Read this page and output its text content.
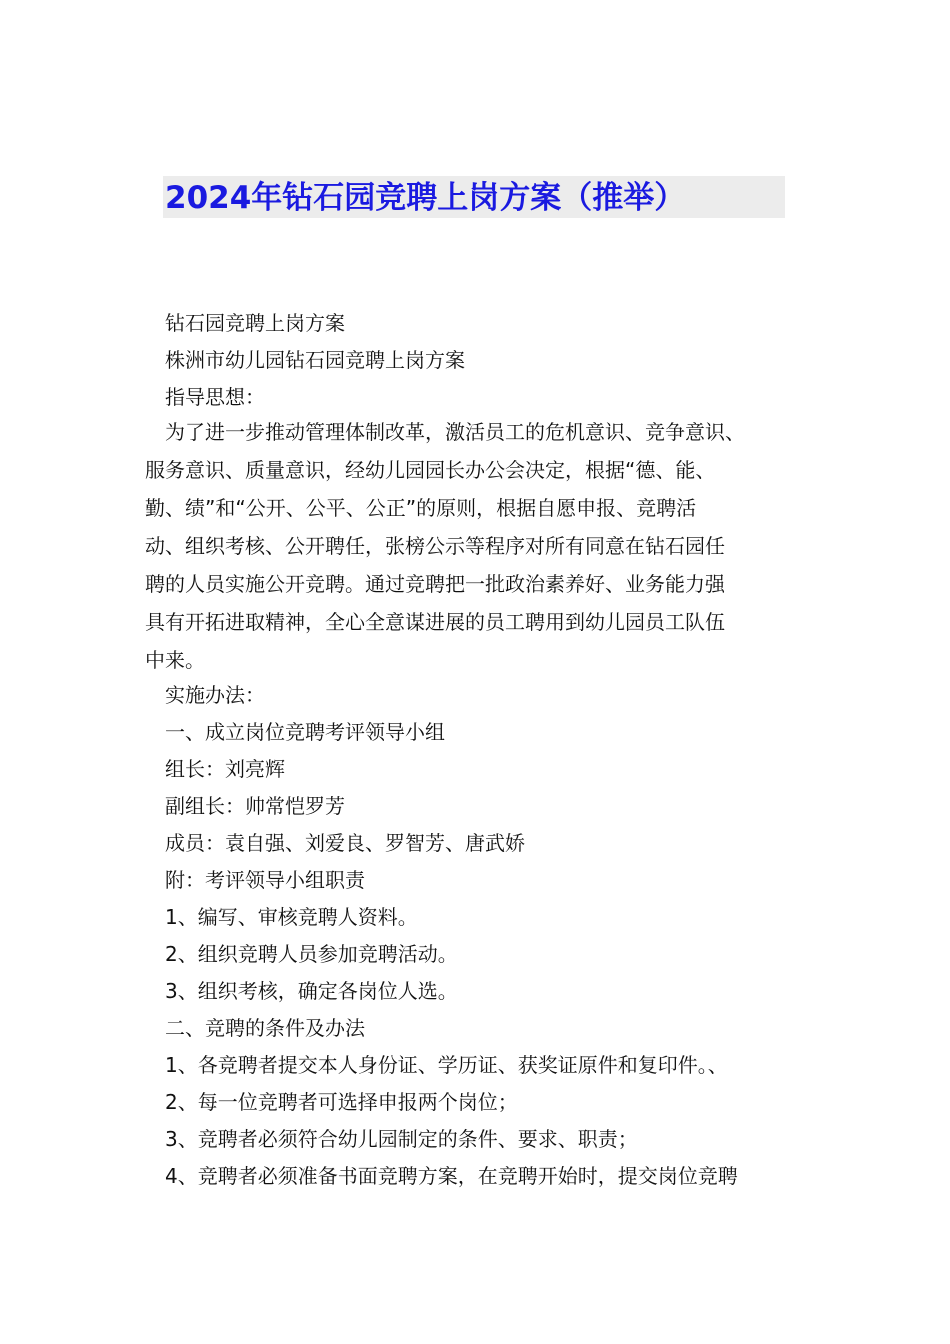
2024年钻石园竞聘上岗方案（推举）
钻石园竞聘上岗方案
株洲市幼儿园钻石园竞聘上岗方案
指导思想：
为了进一步推动管理体制改革，激活员工的危机意识、竞争意识、
服务意识、质量意识，经幼儿园园长办公会决定，根据“德、能、
勤、绩”和“公开、公平、公正”的原则，根据自愿申报、竞聘活
动、组织考核、公开聘任，张榜公示等程序对所有同意在钻石园任
聘的人员实施公开竞聘。通过竞聘把一批政治素养好、业务能力强
具有开拓进取精神，全心全意谋进展的员工聘用到幼儿园员工队伍
中来。
实施办法：
一、成立岗位竞聘考评领导小组
组长：刘亮辉
副组长：帅常恺罗芳
成员：袁自强、刘爱良、罗智芳、唐武娇
附：考评领导小组职责
1、编写、审核竞聘人资料。
2、组织竞聘人员参加竞聘活动。
3、组织考核，确定各岗位人选。
二、竞聘的条件及办法
1、各竞聘者提交本人身份证、学历证、获奖证原件和复印件。、
2、每一位竞聘者可选择申报两个岗位；
3、竞聘者必须符合幼儿园制定的条件、要求、职责；
4、竞聘者必须准备书面竞聘方案，在竞聘开始时，提交岗位竞聘
